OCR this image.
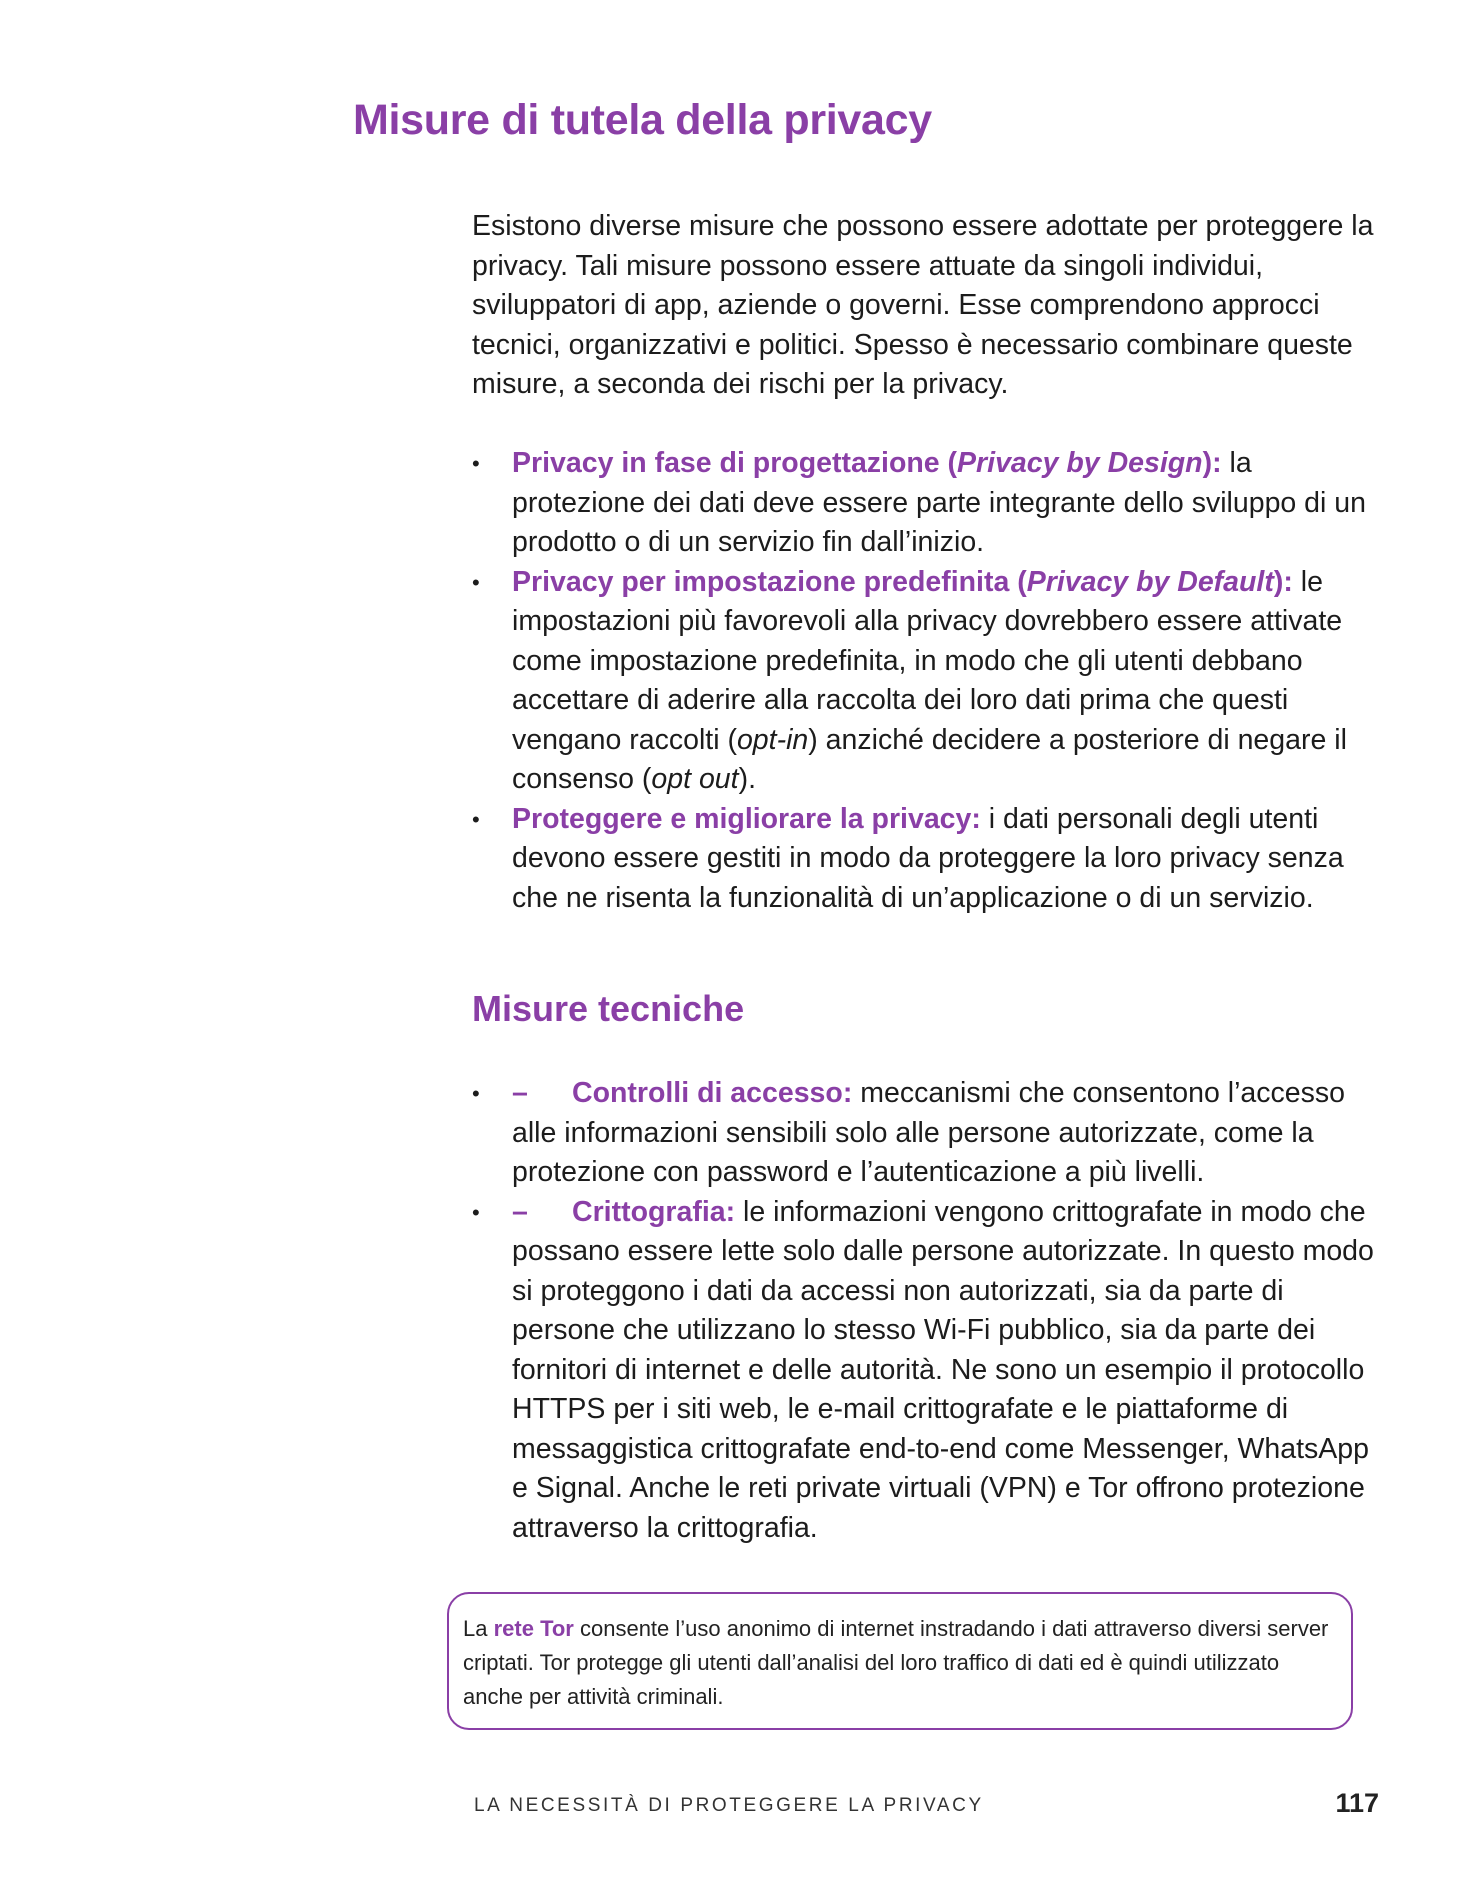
Misure di tutela della privacy

Esistono diverse misure che possono essere adottate per proteggere la privacy. Tali misure possono essere attuate da singoli individui, sviluppatori di app, aziende o governi. Esse comprendono approcci tecnici, organizzativi e politici. Spesso è necessario combinare queste misure, a seconda dei rischi per la privacy.

•	Privacy in fase di progettazione (Privacy by Design): la protezione dei dati deve essere parte integrante dello sviluppo di un prodotto o di un servizio fin dall’inizio.
•	Privacy per impostazione predefinita (Privacy by Default): le impostazioni più favorevoli alla privacy dovrebbero essere attivate come impostazione predefinita, in modo che gli utenti debbano accettare di aderire alla raccolta dei loro dati prima che questi vengano raccolti (opt-in) anziché decidere a posteriore di negare il consenso (opt out).
•	Proteggere e migliorare la privacy: i dati personali degli utenti devono essere gestiti in modo da proteggere la loro privacy senza che ne risenta la funzionalità di un’applicazione o di un servizio.
Misure tecniche
•	– Controlli di accesso: meccanismi che consentono l’accesso alle informazioni sensibili solo alle persone autorizzate, come la protezione con password e l’autenticazione a più livelli.
•	– Crittografia: le informazioni vengono crittografate in modo che possano essere lette solo dalle persone autorizzate. In questo modo si proteggono i dati da accessi non autorizzati, sia da parte di persone che utilizzano lo stesso Wi-Fi pubblico, sia da parte dei fornitori di internet e delle autorità. Ne sono un esempio il protocollo HTTPS per i siti web, le e-mail crittografate e le piattaforme di messaggistica crittografate end-to-end come Messenger, WhatsApp e Signal. Anche le reti private virtuali (VPN) e Tor offrono protezione attraverso la crittografia.
La rete Tor consente l’uso anonimo di internet instradando i dati attraverso diversi server criptati. Tor protegge gli utenti dall’analisi del loro traffico di dati ed è quindi utilizzato anche per attività criminali.
LA NECESSITÀ DI PROTEGGERE LA PRIVACY	117
